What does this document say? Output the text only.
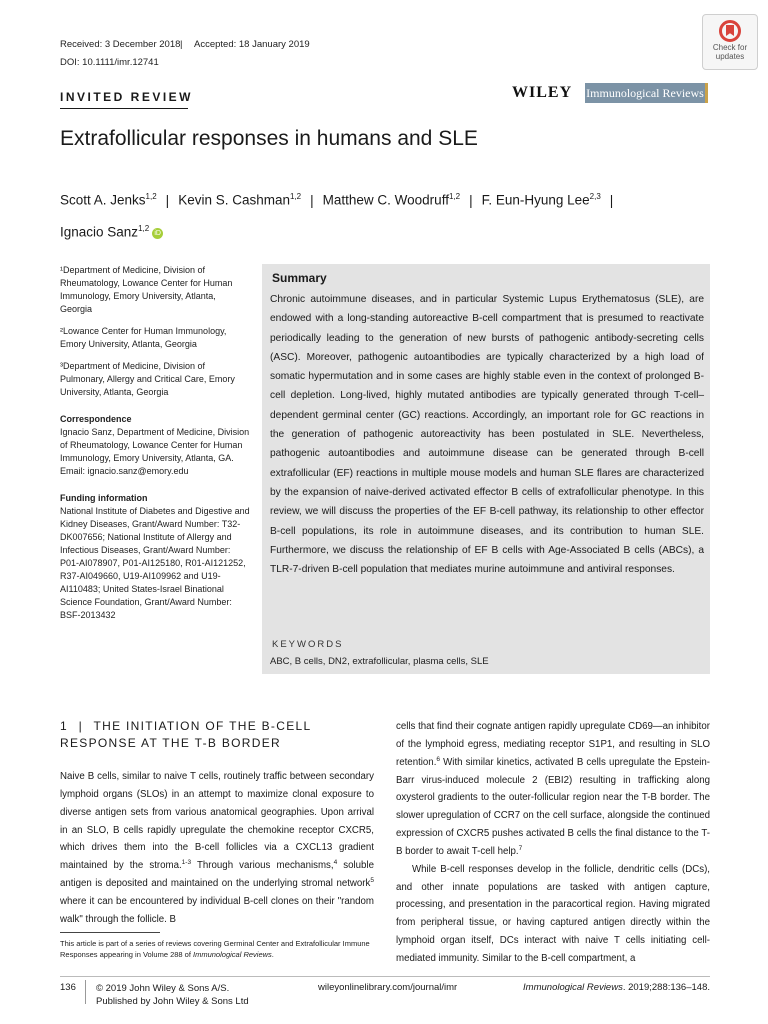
Received: 3 December 2018 | Accepted: 18 January 2019
DOI: 10.1111/imr.12741
Check for
updates
INVITED REVIEW	WILEY Immunological Reviews
Extrafollicular responses in humans and SLE
Scott A. Jenks$^{1,2}$ | Kevin S. Cashman$^{1,2}$ | Matthew C. Woodruff$^{1,2}$ | F. Eun-Hyung Lee$^{2,3}$ |
Ignacio Sanz$^{1,2}$iD
¹Department of Medicine, Division of Rheumatology, Lowance Center for Human Immunology, Emory University, Atlanta, Georgia
²Lowance Center for Human Immunology, Emory University, Atlanta, Georgia
³Department of Medicine, Division of Pulmonary, Allergy and Critical Care, Emory University, Atlanta, Georgia
Correspondence
Ignacio Sanz, Department of Medicine, Division of Rheumatology, Lowance Center for Human Immunology, Emory University, Atlanta, GA.
Email: ignacio.sanz@emory.edu
Funding information
National Institute of Diabetes and Digestive and Kidney Diseases, Grant/Award Number: T32-DK007656; National Institute of Allergy and Infectious Diseases, Grant/Award Number: P01-AI078907, P01-AI125180, R01-AI121252, R37-AI049660, U19-AI109962 and U19-AI110483; United States-Israel Binational Science Foundation, Grant/Award Number: BSF-2013432
Summary
Chronic autoimmune diseases, and in particular Systemic Lupus Erythematosus (SLE), are endowed with a long-standing autoreactive B-cell compartment that is presumed to reactivate periodically leading to the generation of new bursts of pathogenic antibody-secreting cells (ASC). Moreover, pathogenic autoantibodies are typically characterized by a high load of somatic hypermutation and in some cases are highly stable even in the context of prolonged B-cell depletion. Long-lived, highly mutated antibodies are typically generated through T-cell–dependent germinal center (GC) reactions. Accordingly, an important role for GC reactions in the generation of pathogenic autoreactivity has been postulated in SLE. Nevertheless, pathogenic autoantibodies and autoimmune disease can be generated through B-cell extrafollicular (EF) reactions in multiple mouse models and human SLE flares are characterized by the expansion of naive-derived activated effector B cells of extrafollicular phenotype. In this review, we will discuss the properties of the EF B-cell pathway, its relationship to other effector B-cell populations, its role in autoimmune diseases, and its contribution to human SLE. Furthermore, we discuss the relationship of EF B cells with Age-Associated B cells (ABCs), a TLR-7-driven B-cell population that mediates murine autoimmune and antiviral responses.
KEYWORDS
ABC, B cells, DN2, extrafollicular, plasma cells, SLE
1 | THE INITIATION OF THE B-CELL RESPONSE AT THE T-B BORDER

Naive B cells, similar to naive T cells, routinely traffic between secondary lymphoid organs (SLOs) in an attempt to maximize clonal exposure to diverse antigen sets from various anatomical geographies. Upon arrival in an SLO, B cells rapidly upregulate the chemokine receptor CXCR5, which drives them into the B-cell follicles via a CXCL13 gradient maintained by the stroma.$^{1-3}$ Through various mechanisms,$^4$ soluble antigen is deposited and maintained on the underlying stromal network$^5$ where it can be encountered by individual B-cell clones on their "random walk" through the follicle. B

cells that find their cognate antigen rapidly upregulate CD69—an inhibitor of the lymphoid egress, mediating receptor S1P1, and resulting in SLO retention.$^6$ With similar kinetics, activated B cells upregulate the Epstein-Barr virus-induced molecule 2 (EBI2) resulting in trafficking along oxysterol gradients to the outer-follicular region near the T-B border. The slower upregulation of CCR7 on the cell surface, alongside the continued expression of CXCR5 pushes activated B cells the final distance to the T-B border to await T-cell help.$^7$

While B-cell responses develop in the follicle, dendritic cells (DCs), and other innate populations are tasked with antigen capture, processing, and presentation in the paracortical region. Having migrated from peripheral tissue, or having captured antigen directly within the lymphoid organ itself, DCs interact with naive T cells initiating cell-mediated immunity. Similar to the B-cell compartment, a

This article is part of a series of reviews covering Germinal Center and Extrafollicular Immune Responses appearing in Volume 288 of Immunological Reviews.
136 © 2019 John Wiley & Sons A/S.
Published by John Wiley & Sons Ltd
wileyonlinelibrary.com/journal/imr	Immunological Reviews. 2019;288:136–148.
